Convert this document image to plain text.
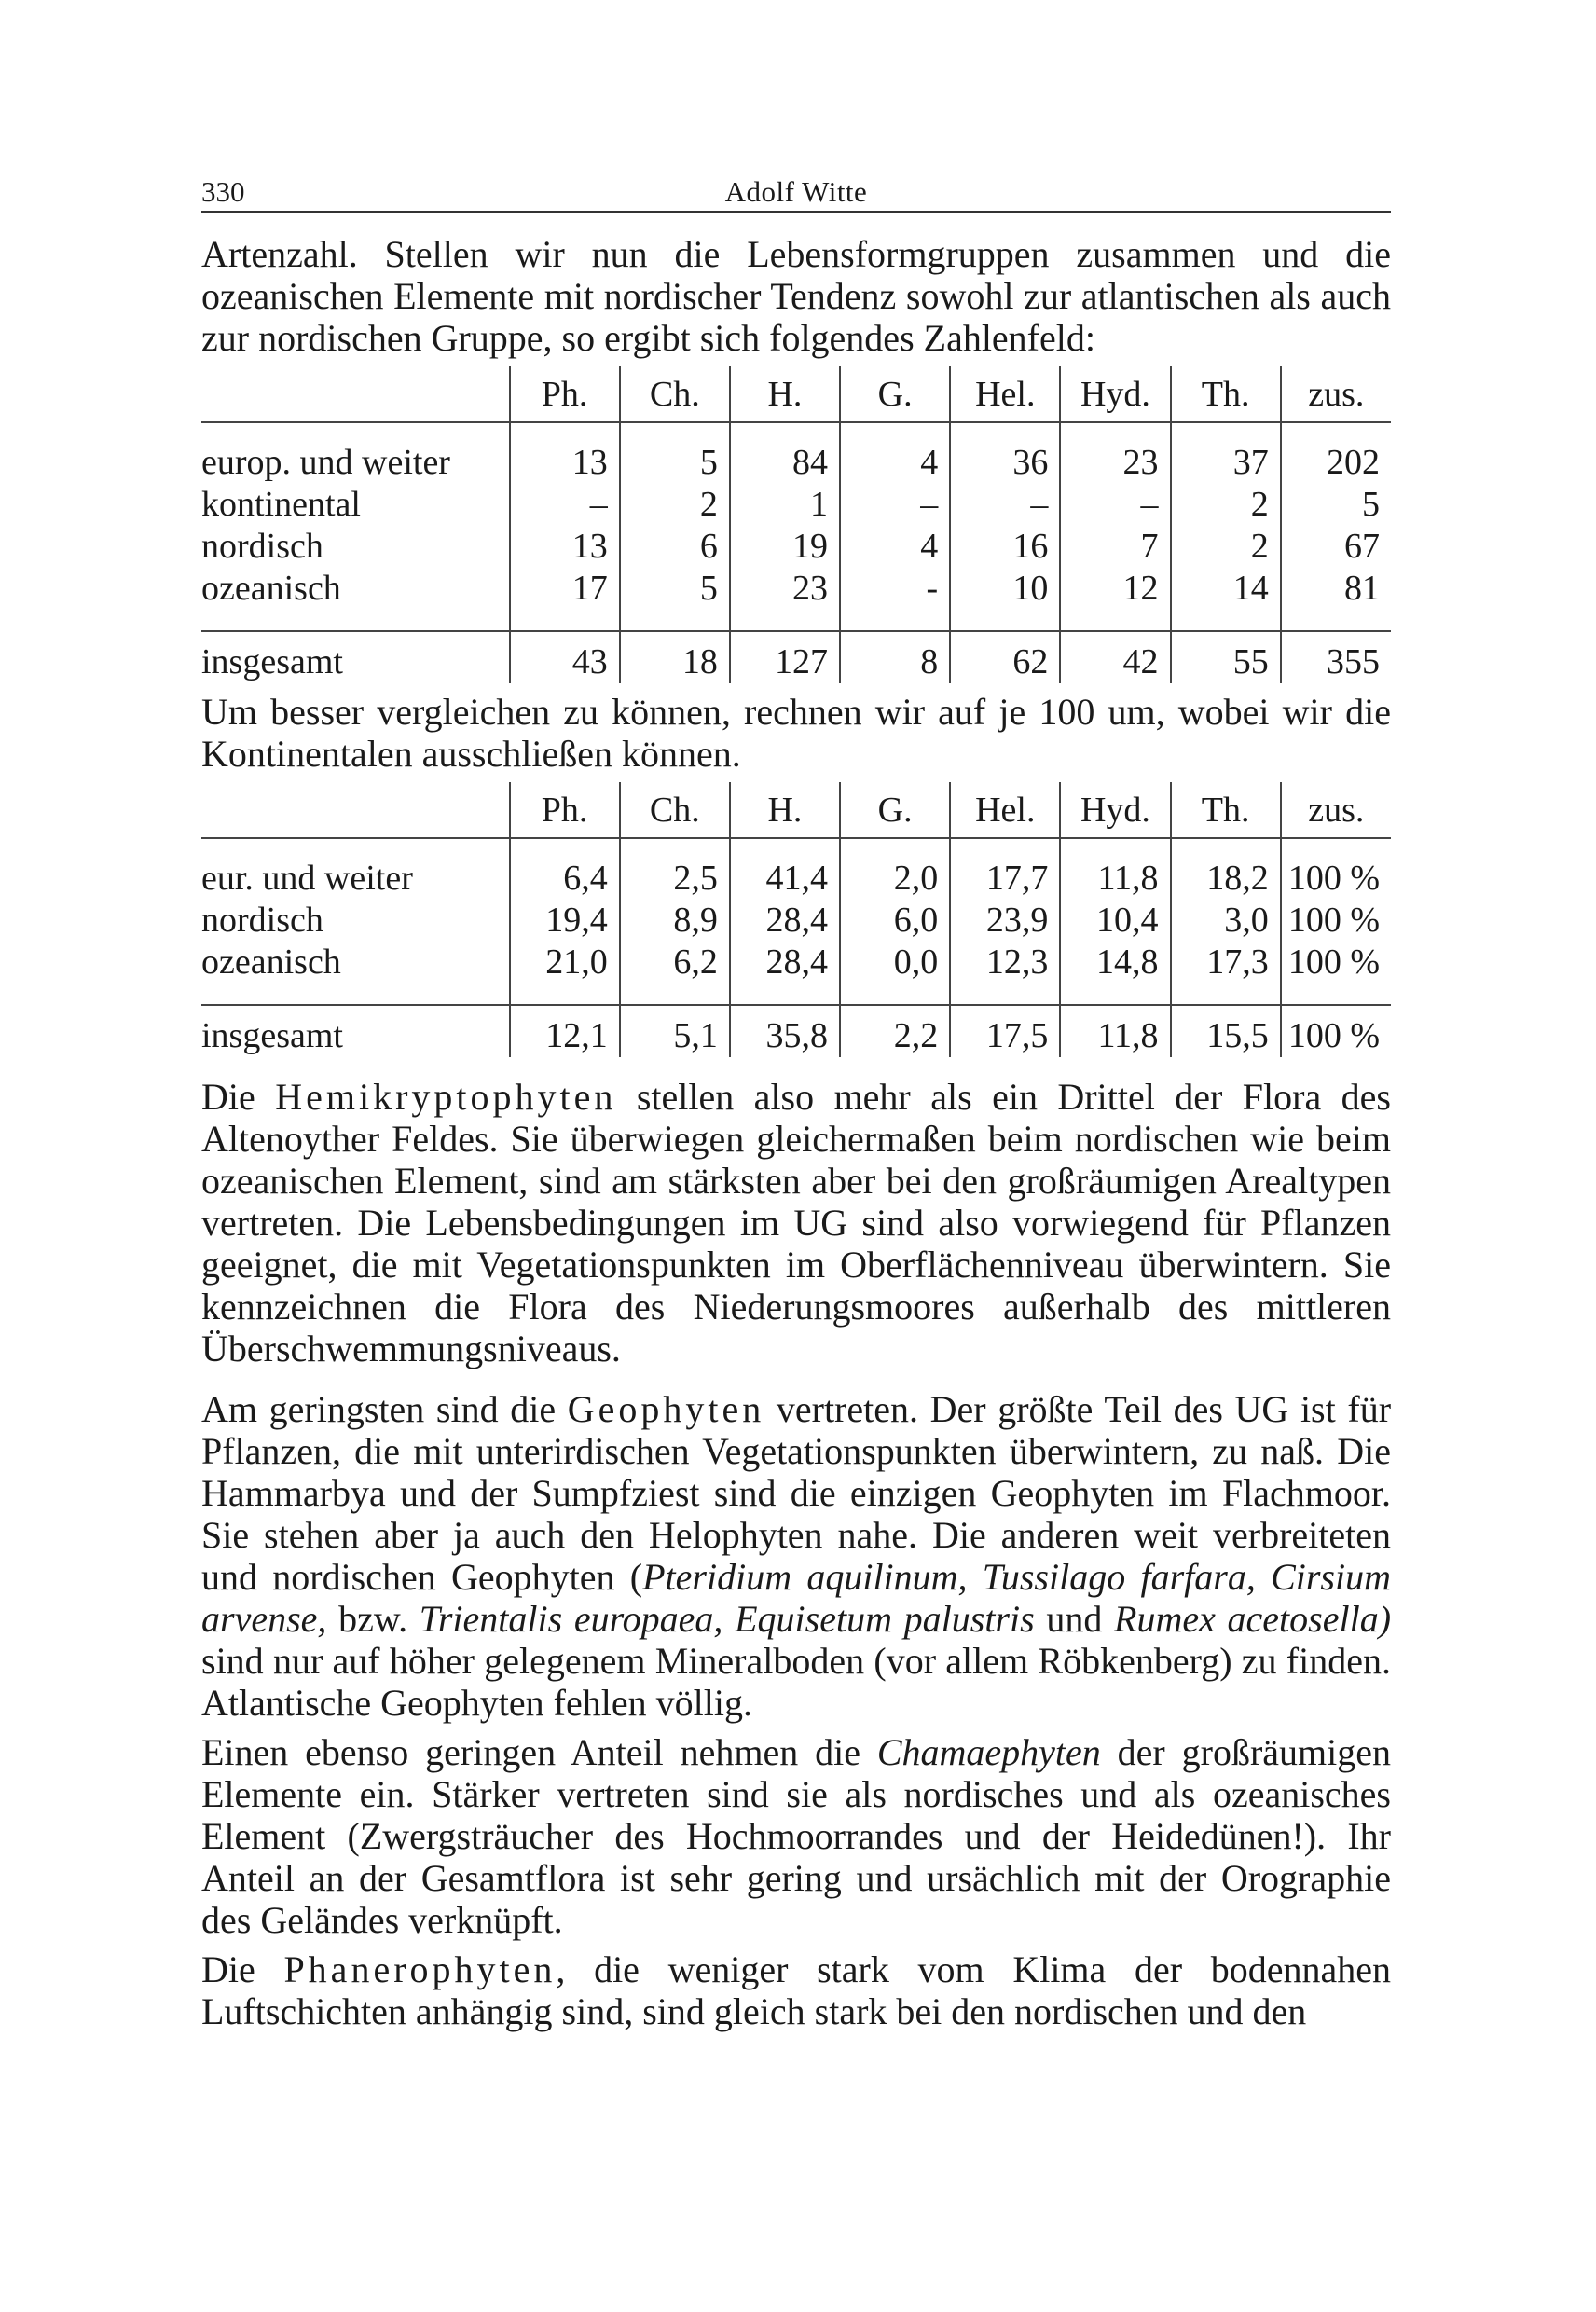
330	Adolf Witte

Artenzahl. Stellen wir nun die Lebensformgruppen zusammen und die ozeanischen Elemente mit nordischer Tendenz sowohl zur atlantischen als auch zur nordischen Gruppe, so ergibt sich folgendes Zahlenfeld:

	Ph.	Ch.	H.	G.	Hel.	Hyd.	Th.	zus.

europ. und weiter	13	5	84	4	36	23	37	202
kontinental	–	2	1	–	–	–	2	5
nordisch	13	6	19	4	16	7	2	67
ozeanisch	17	5	23	-	10	12	14	81

insgesamt	43	18	127	8	62	42	55	355

Um besser vergleichen zu können, rechnen wir auf je 100 um, wobei wir die Kontinentalen ausschließen können.

	Ph.	Ch.	H.	G.	Hel.	Hyd.	Th.	zus.

eur. und weiter	6,4	2,5	41,4	2,0	17,7	11,8	18,2	100 %
nordisch	19,4	8,9	28,4	6,0	23,9	10,4	3,0	100 %
ozeanisch	21,0	6,2	28,4	0,0	12,3	14,8	17,3	100 %

insgesamt	12,1	5,1	35,8	2,2	17,5	11,8	15,5	100 %

Die Hemikryptophyten stellen also mehr als ein Drittel der Flora des Altenoyther Feldes. Sie überwiegen gleichermaßen beim nordischen wie beim ozeanischen Element, sind am stärksten aber bei den großräumigen Arealtypen vertreten. Die Lebensbedingungen im UG sind also vorwiegend für Pflanzen geeignet, die mit Vegetationspunkten im Oberflächenniveau überwintern. Sie kennzeichnen die Flora des Niederungsmoores außerhalb des mittleren Überschwemmungsniveaus.

Am geringsten sind die Geophyten vertreten. Der größte Teil des UG ist für Pflanzen, die mit unterirdischen Vegetationspunkten überwintern, zu naß. Die Hammarbya und der Sumpfziest sind die einzigen Geophyten im Flachmoor. Sie stehen aber ja auch den Helophyten nahe. Die anderen weit verbreiteten und nordischen Geophyten (Pteridium aquilinum, Tussilago farfara, Cirsium arvense, bzw. Trientalis europaea, Equisetum palustris und Rumex acetosella) sind nur auf höher gelegenem Mineralboden (vor allem Röbkenberg) zu finden. Atlantische Geophyten fehlen völlig.

Einen ebenso geringen Anteil nehmen die Chamaephyten der großräumigen Elemente ein. Stärker vertreten sind sie als nordisches und als ozeanisches Element (Zwergsträucher des Hochmoorrandes und der Heidedünen!). Ihr Anteil an der Gesamtflora ist sehr gering und ursächlich mit der Orographie des Geländes verknüpft.

Die Phanerophyten, die weniger stark vom Klima der bodennahen Luftschichten anhängig sind, sind gleich stark bei den nordischen und den
